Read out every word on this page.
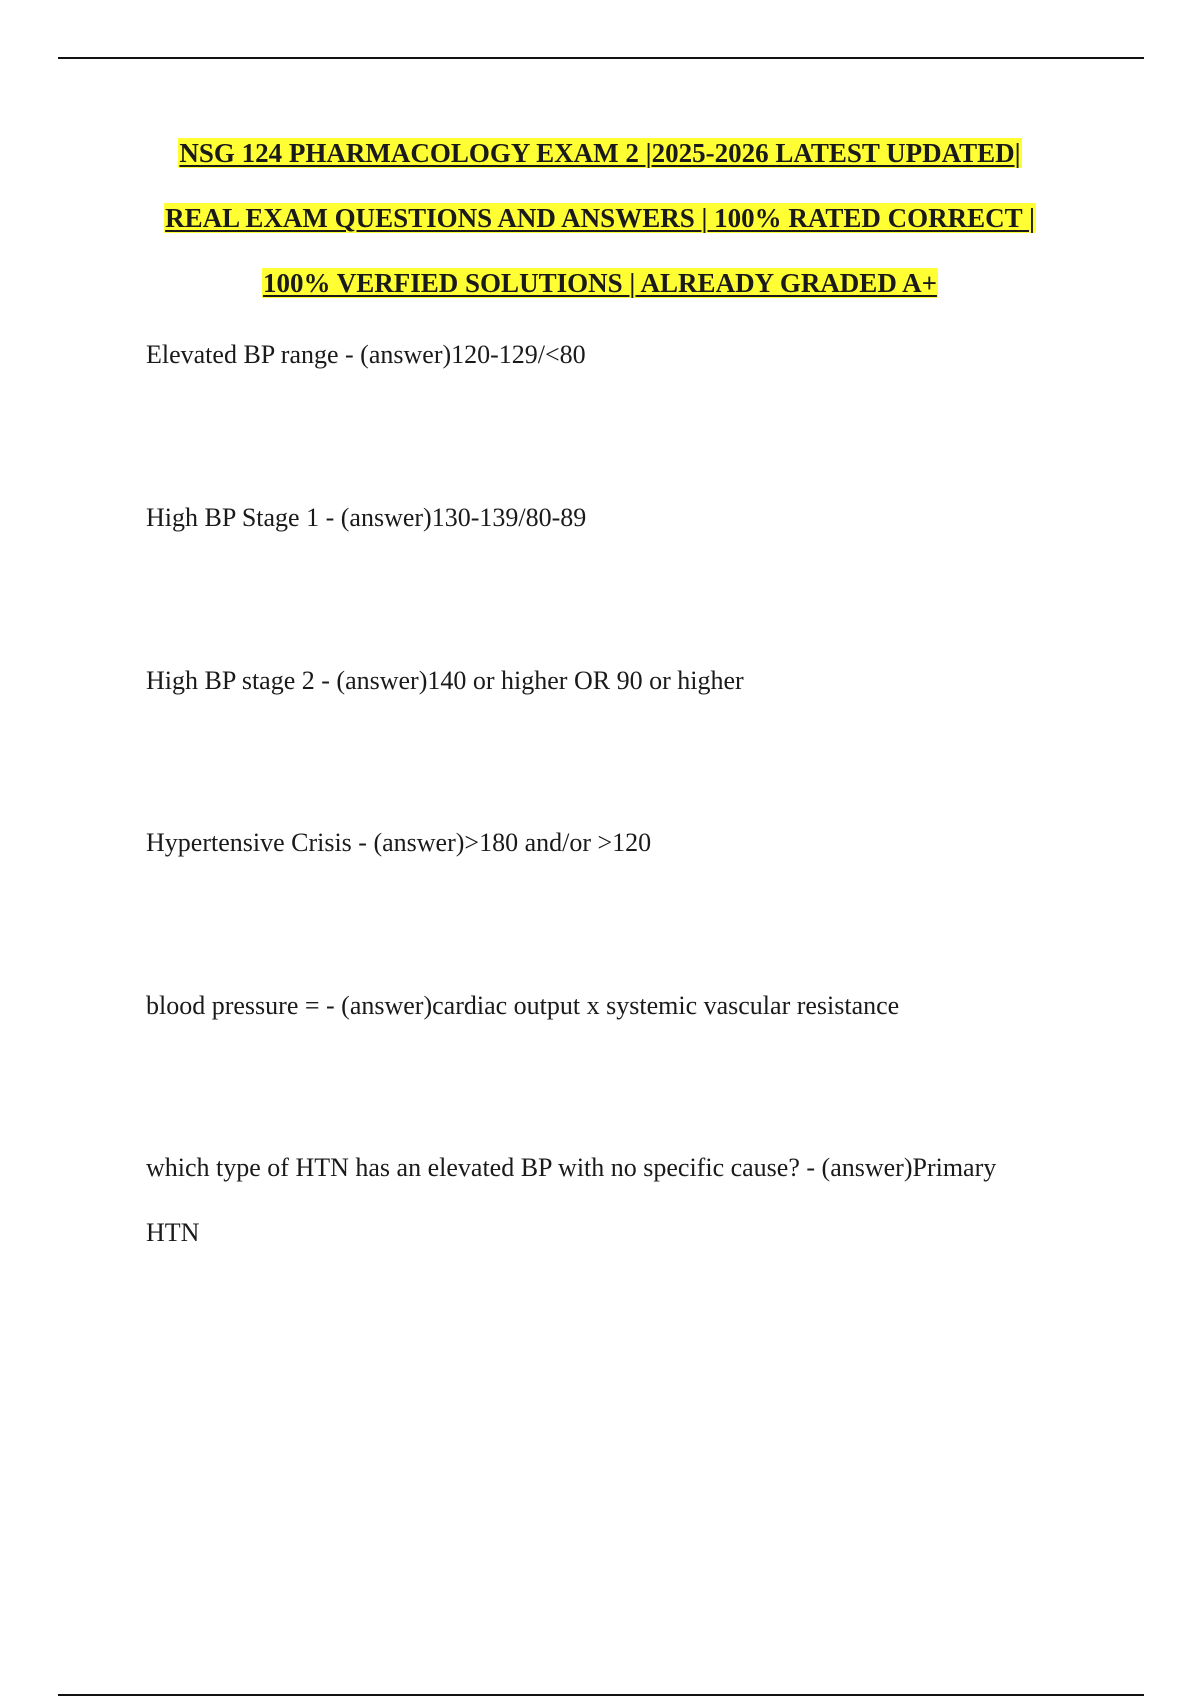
NSG 124 PHARMACOLOGY EXAM 2 |2025-2026 LATEST UPDATED|
REAL EXAM QUESTIONS AND ANSWERS | 100% RATED CORRECT |
100% VERFIED SOLUTIONS | ALREADY GRADED A+

Elevated BP range - (answer)120-129/<80

High BP Stage 1 - (answer)130-139/80-89

High BP stage 2 - (answer)140 or higher OR 90 or higher

Hypertensive Crisis - (answer)>180 and/or >120

blood pressure = - (answer)cardiac output x systemic vascular resistance

which type of HTN has an elevated BP with no specific cause? - (answer)Primary
HTN
